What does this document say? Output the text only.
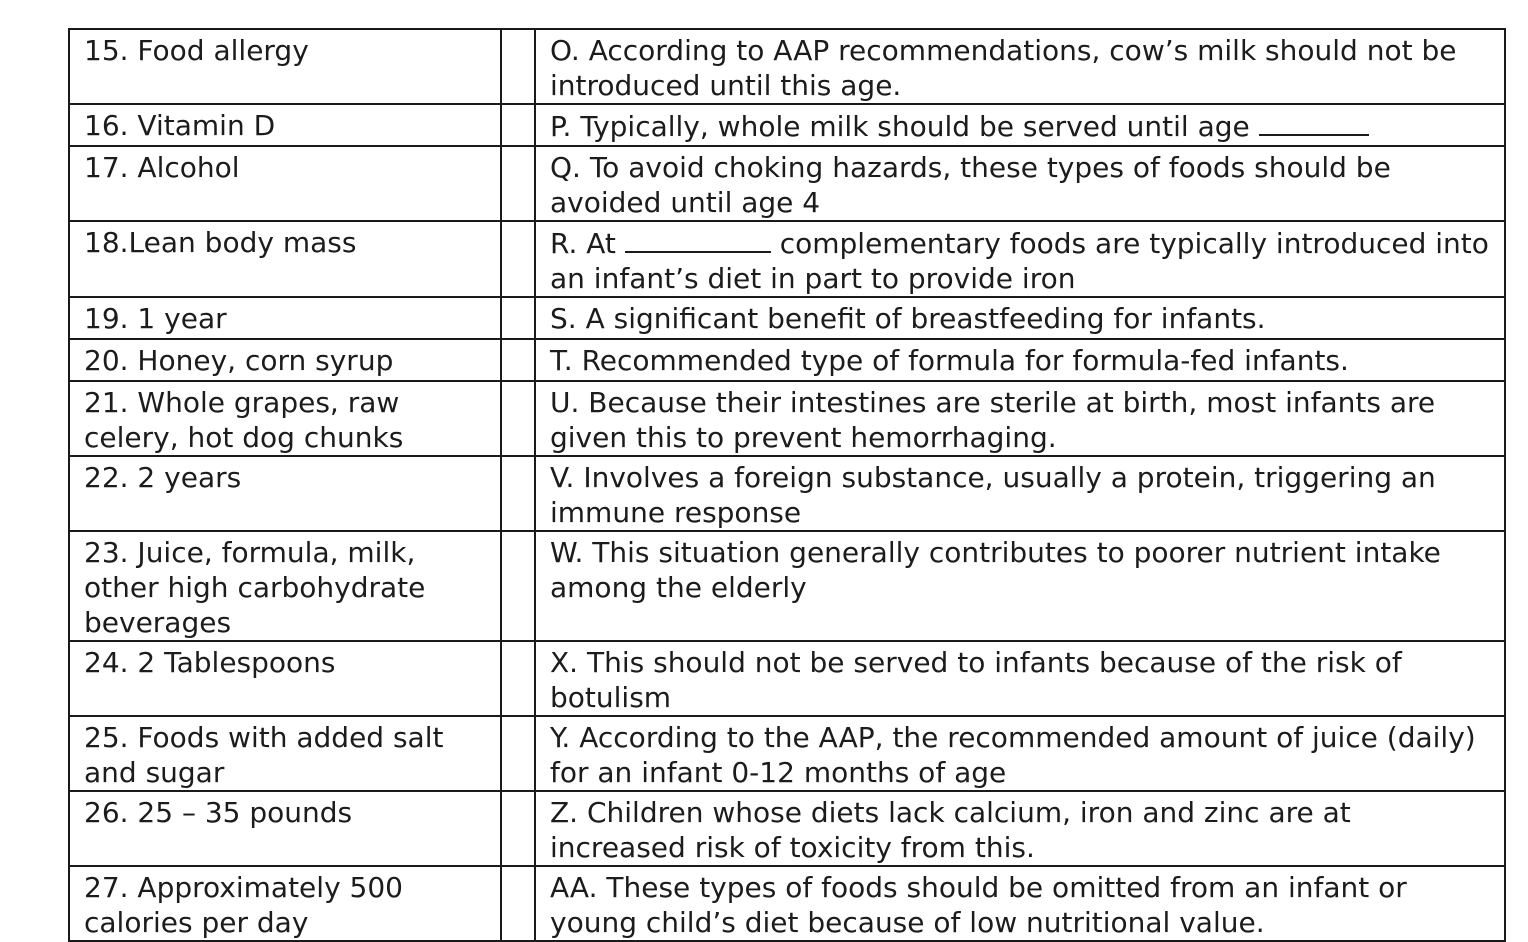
15. Food allergy		O. According to AAP recommendations, cow’s milk should not be introduced until this age.
16. Vitamin D		P. Typically, whole milk should be served until age
17. Alcohol		Q. To avoid choking hazards, these types of foods should be avoided until age 4
18.Lean body mass		R. At complementary foods are typically introduced into an infant’s diet in part to provide iron
19. 1 year		S. A significant benefit of breastfeeding for infants.
20. Honey, corn syrup		T. Recommended type of formula for formula-fed infants.
21. Whole grapes, raw celery, hot dog chunks		U. Because their intestines are sterile at birth, most infants are given this to prevent hemorrhaging.
22. 2 years		V. Involves a foreign substance, usually a protein, triggering an immune response
23. Juice, formula, milk, other high carbohydrate beverages		W. This situation generally contributes to poorer nutrient intake among the elderly
24. 2 Tablespoons		X. This should not be served to infants because of the risk of botulism
25. Foods with added salt and sugar		Y. According to the AAP, the recommended amount of juice (daily) for an infant 0-12 months of age
26. 25 – 35 pounds		Z. Children whose diets lack calcium, iron and zinc are at increased risk of toxicity from this.
27. Approximately 500 calories per day		AA. These types of foods should be omitted from an infant or young child’s diet because of low nutritional value.
